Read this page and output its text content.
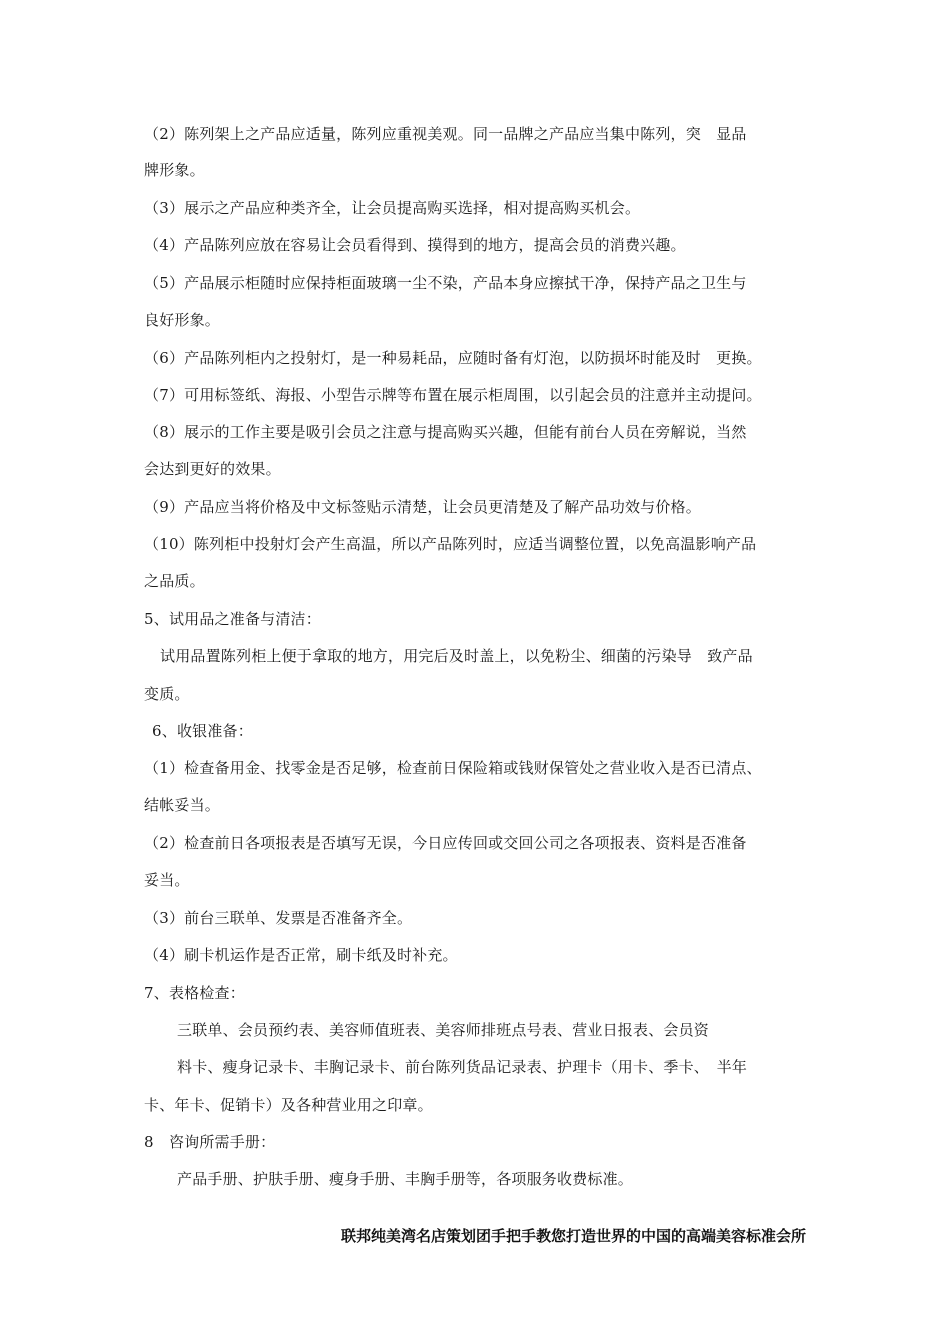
（2）陈列架上之产品应适量，陈列应重视美观。同一品牌之产品应当集中陈列，突　显品
牌形象。
（3）展示之产品应种类齐全，让会员提高购买选择，相对提高购买机会。
（4）产品陈列应放在容易让会员看得到、摸得到的地方，提高会员的消费兴趣。
（5）产品展示柜随时应保持柜面玻璃一尘不染，产品本身应擦拭干净，保持产品之卫生与
良好形象。
（6）产品陈列柜内之投射灯，是一种易耗品，应随时备有灯泡，以防损坏时能及时　更换。
（7）可用标签纸、海报、小型告示牌等布置在展示柜周围，以引起会员的注意并主动提问。
（8）展示的工作主要是吸引会员之注意与提高购买兴趣，但能有前台人员在旁解说，当然
会达到更好的效果。
（9）产品应当将价格及中文标签贴示清楚，让会员更清楚及了解产品功效与价格。
（10）陈列柜中投射灯会产生高温，所以产品陈列时，应适当调整位置，以免高温影响产品
之品质。
5、试用品之准备与清洁：
试用品置陈列柜上便于拿取的地方，用完后及时盖上，以免粉尘、细菌的污染导　致产品
变质。
6、收银准备：
（1）检查备用金、找零金是否足够，检查前日保险箱或钱财保管处之营业收入是否已清点、
结帐妥当。
（2）检查前日各项报表是否填写无误，今日应传回或交回公司之各项报表、资料是否准备
妥当。
（3）前台三联单、发票是否准备齐全。
（4）刷卡机运作是否正常，刷卡纸及时补充。
7、表格检查：
三联单、会员预约表、美容师值班表、美容师排班点号表、营业日报表、会员资
料卡、瘦身记录卡、丰胸记录卡、前台陈列货品记录表、护理卡（用卡、季卡、　半年
卡、年卡、促销卡）及各种营业用之印章。
8　咨询所需手册：
产品手册、护肤手册、瘦身手册、丰胸手册等，各项服务收费标准。
联邦纯美湾名店策划团手把手教您打造世界的中国的高端美容标准会所
